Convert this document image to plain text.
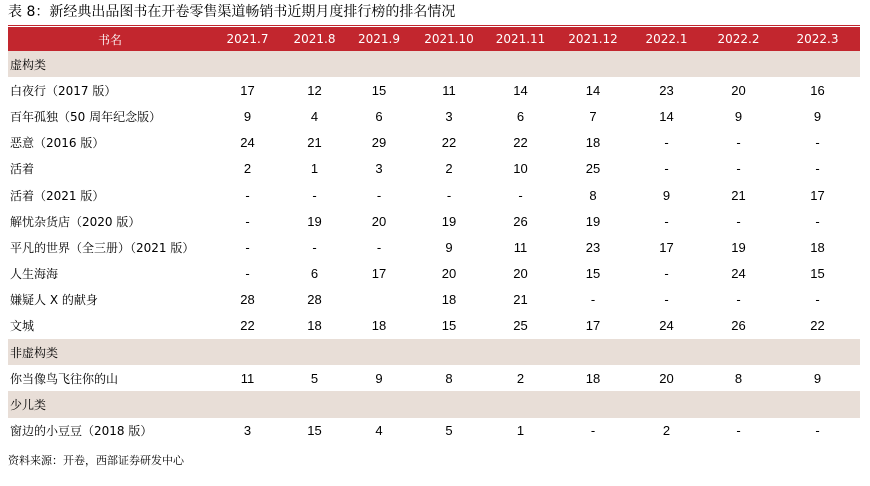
表 8：新经典出品图书在开卷零售渠道畅销书近期月度排行榜的排名情况
书名	2021.7	2021.8	2021.9	2021.10	2021.11	2021.12	2022.1	2022.2	2022.3
虚构类									
白夜行（2017 版）	17	12	15	11	14	14	23	20	16
百年孤独（50 周年纪念版）	9	4	6	3	6	7	14	9	9
恶意（2016 版）	24	21	29	22	22	18	-	-	-
活着	2	1	3	2	10	25	-	-	-
活着（2021 版）	-	-	-	-	-	8	9	21	17
解忧杂货店（2020 版）	-	19	20	19	26	19	-	-	-
平凡的世界（全三册）（2021 版）	-	-	-	9	11	23	17	19	18
人生海海	-	6	17	20	20	15	-	24	15
嫌疑人 X 的献身	28	28		18	21	-	-	-	-
文城	22	18	18	15	25	17	24	26	22
非虚构类									
你当像鸟飞往你的山	11	5	9	8	2	18	20	8	9
少儿类									
窗边的小豆豆（2018 版）	3	15	4	5	1	-	2	-	-
资料来源：开卷，西部证券研发中心
